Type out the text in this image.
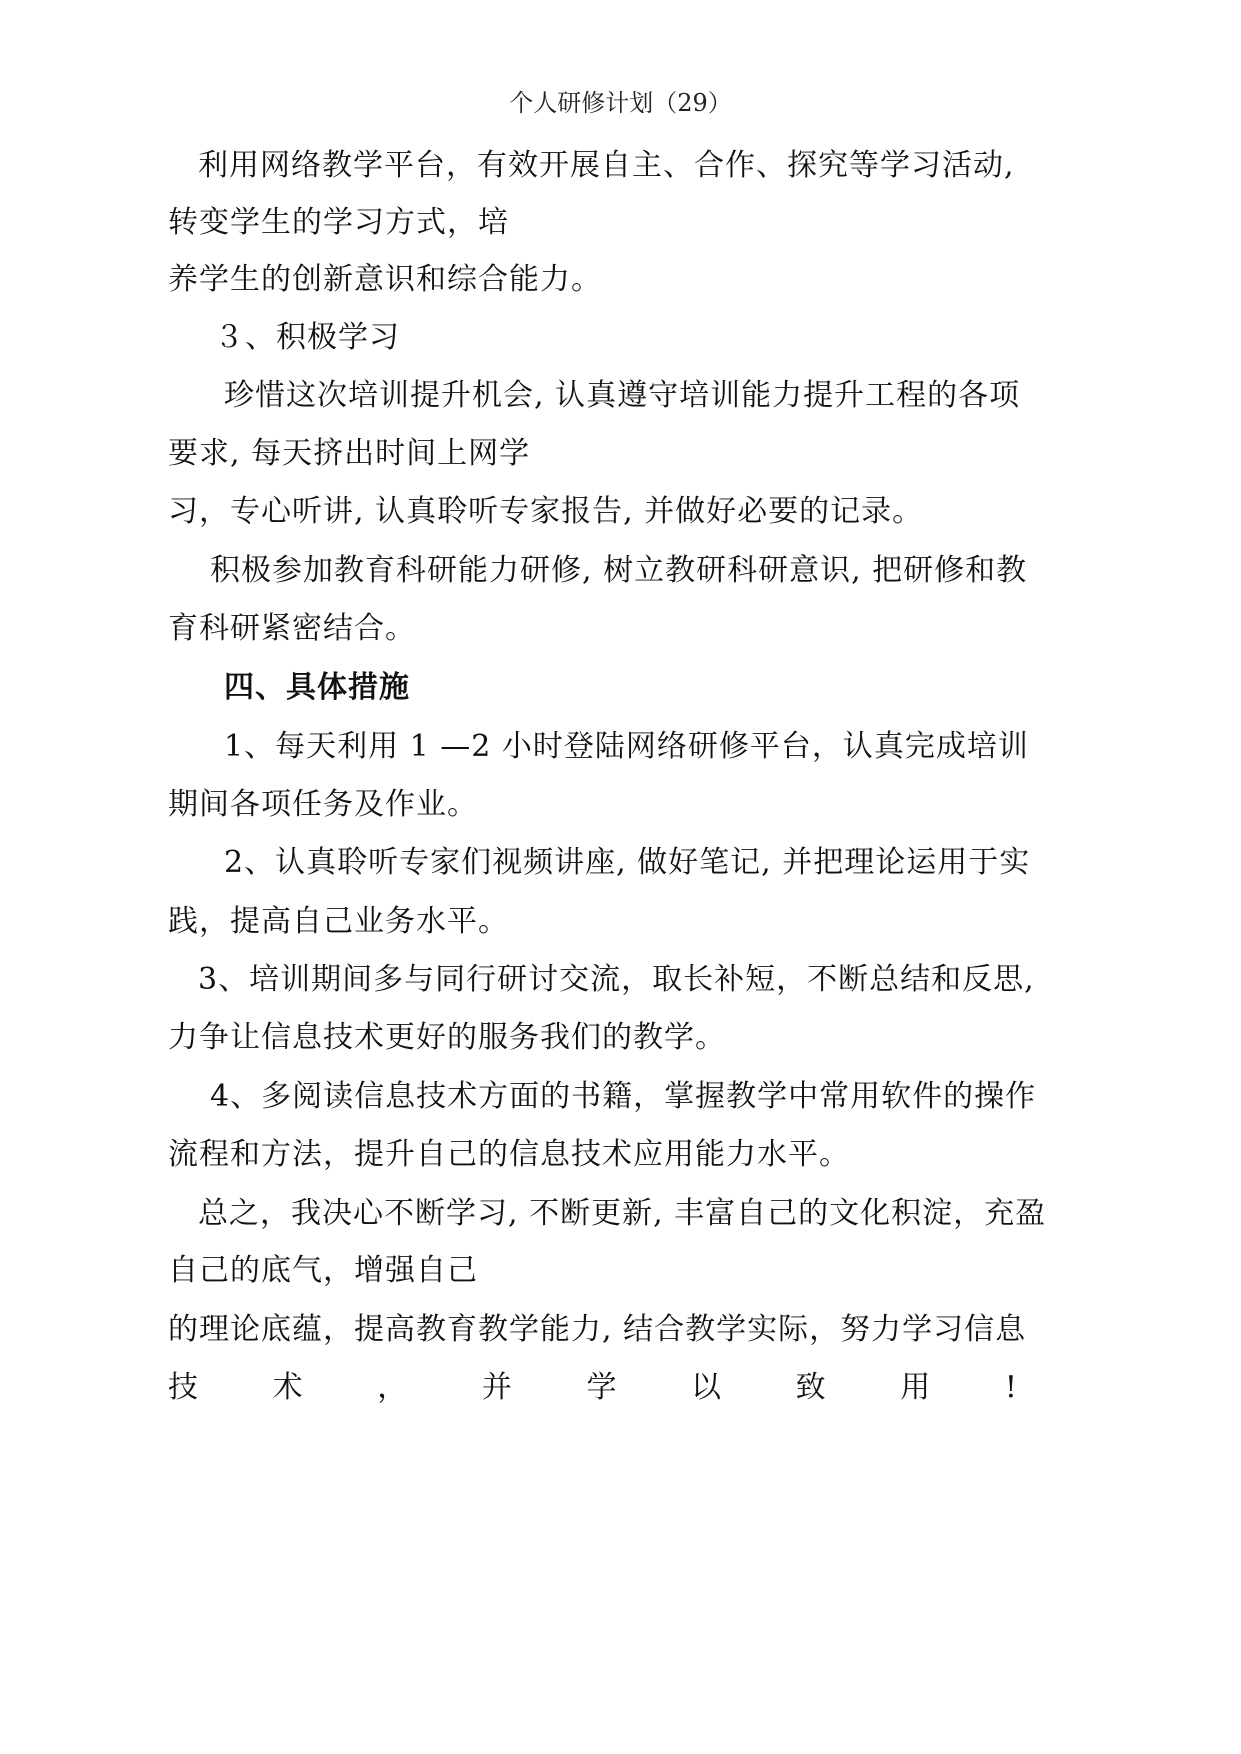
个人研修计划（29）
利用网络教学平台，有效开展自主、合作、探究等学习活动,
转变学生的学习方式，培
养学生的创新意识和综合能力。
３、积极学习
珍惜这次培训提升机会, 认真遵守培训能力提升工程的各项
要求, 每天挤出时间上网学
习，专心听讲, 认真聆听专家报告, 并做好必要的记录。
积极参加教育科研能力研修, 树立教研科研意识, 把研修和教
育科研紧密结合。
四、具体措施
1、每天利用 1 —2 小时登陆网络研修平台，认真完成培训
期间各项任务及作业。
2、认真聆听专家们视频讲座, 做好笔记, 并把理论运用于实
践，提高自己业务水平。
3、培训期间多与同行研讨交流，取长补短，不断总结和反思,
力争让信息技术更好的服务我们的教学。
4、多阅读信息技术方面的书籍，掌握教学中常用软件的操作
流程和方法，提升自己的信息技术应用能力水平。
总之，我决心不断学习, 不断更新, 丰富自己的文化积淀，充盈
自己的底气，增强自己
的理论底蕴，提高教育教学能力, 结合教学实际，努力学习信息
技 术 ， 并 学 以 致 用 !
